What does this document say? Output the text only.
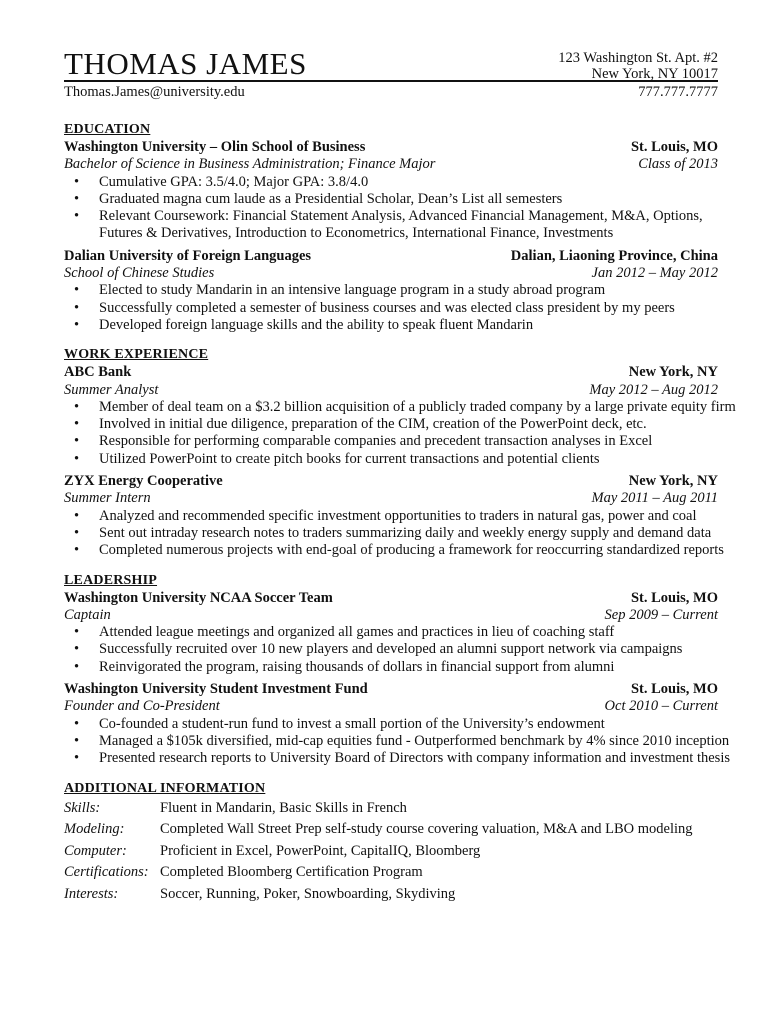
THOMAS JAMES	123 Washington St. Apt. #2
New York, NY 10017
Thomas.James@university.edu	777.777.7777
EDUCATION
Washington University – Olin School of Business	St. Louis, MO
Bachelor of Science in Business Administration; Finance Major	Class of 2013
• Cumulative GPA: 3.5/4.0; Major GPA: 3.8/4.0
• Graduated magna cum laude as a Presidential Scholar, Dean’s List all semesters
• Relevant Coursework: Financial Statement Analysis, Advanced Financial Management, M&A, Options,
Futures & Derivatives, Introduction to Econometrics, International Finance, Investments
Dalian University of Foreign Languages	Dalian, Liaoning Province, China
School of Chinese Studies	Jan 2012 – May 2012
• Elected to study Mandarin in an intensive language program in a study abroad program
• Successfully completed a semester of business courses and was elected class president by my peers
• Developed foreign language skills and the ability to speak fluent Mandarin
WORK EXPERIENCE
ABC Bank	New York, NY
Summer Analyst	May 2012 – Aug 2012
• Member of deal team on a $3.2 billion acquisition of a publicly traded company by a large private equity firm
• Involved in initial due diligence, preparation of the CIM, creation of the PowerPoint deck, etc.
• Responsible for performing comparable companies and precedent transaction analyses in Excel
• Utilized PowerPoint to create pitch books for current transactions and potential clients
ZYX Energy Cooperative	New York, NY
Summer Intern	May 2011 – Aug 2011
• Analyzed and recommended specific investment opportunities to traders in natural gas, power and coal
• Sent out intraday research notes to traders summarizing daily and weekly energy supply and demand data
• Completed numerous projects with end-goal of producing a framework for reoccurring standardized reports
LEADERSHIP
Washington University NCAA Soccer Team	St. Louis, MO
Captain	Sep 2009 – Current
• Attended league meetings and organized all games and practices in lieu of coaching staff
• Successfully recruited over 10 new players and developed an alumni support network via campaigns
• Reinvigorated the program, raising thousands of dollars in financial support from alumni
Washington University Student Investment Fund	St. Louis, MO
Founder and Co-President	Oct 2010 – Current
• Co-founded a student-run fund to invest a small portion of the University’s endowment
• Managed a $105k diversified, mid-cap equities fund - Outperformed benchmark by 4% since 2010 inception
• Presented research reports to University Board of Directors with company information and investment thesis
ADDITIONAL INFORMATION
Skills:	Fluent in Mandarin, Basic Skills in French
Modeling:	Completed Wall Street Prep self-study course covering valuation, M&A and LBO modeling
Computer:	Proficient in Excel, PowerPoint, CapitalIQ, Bloomberg
Certifications: Completed Bloomberg Certification Program
Interests:	Soccer, Running, Poker, Snowboarding, Skydiving
